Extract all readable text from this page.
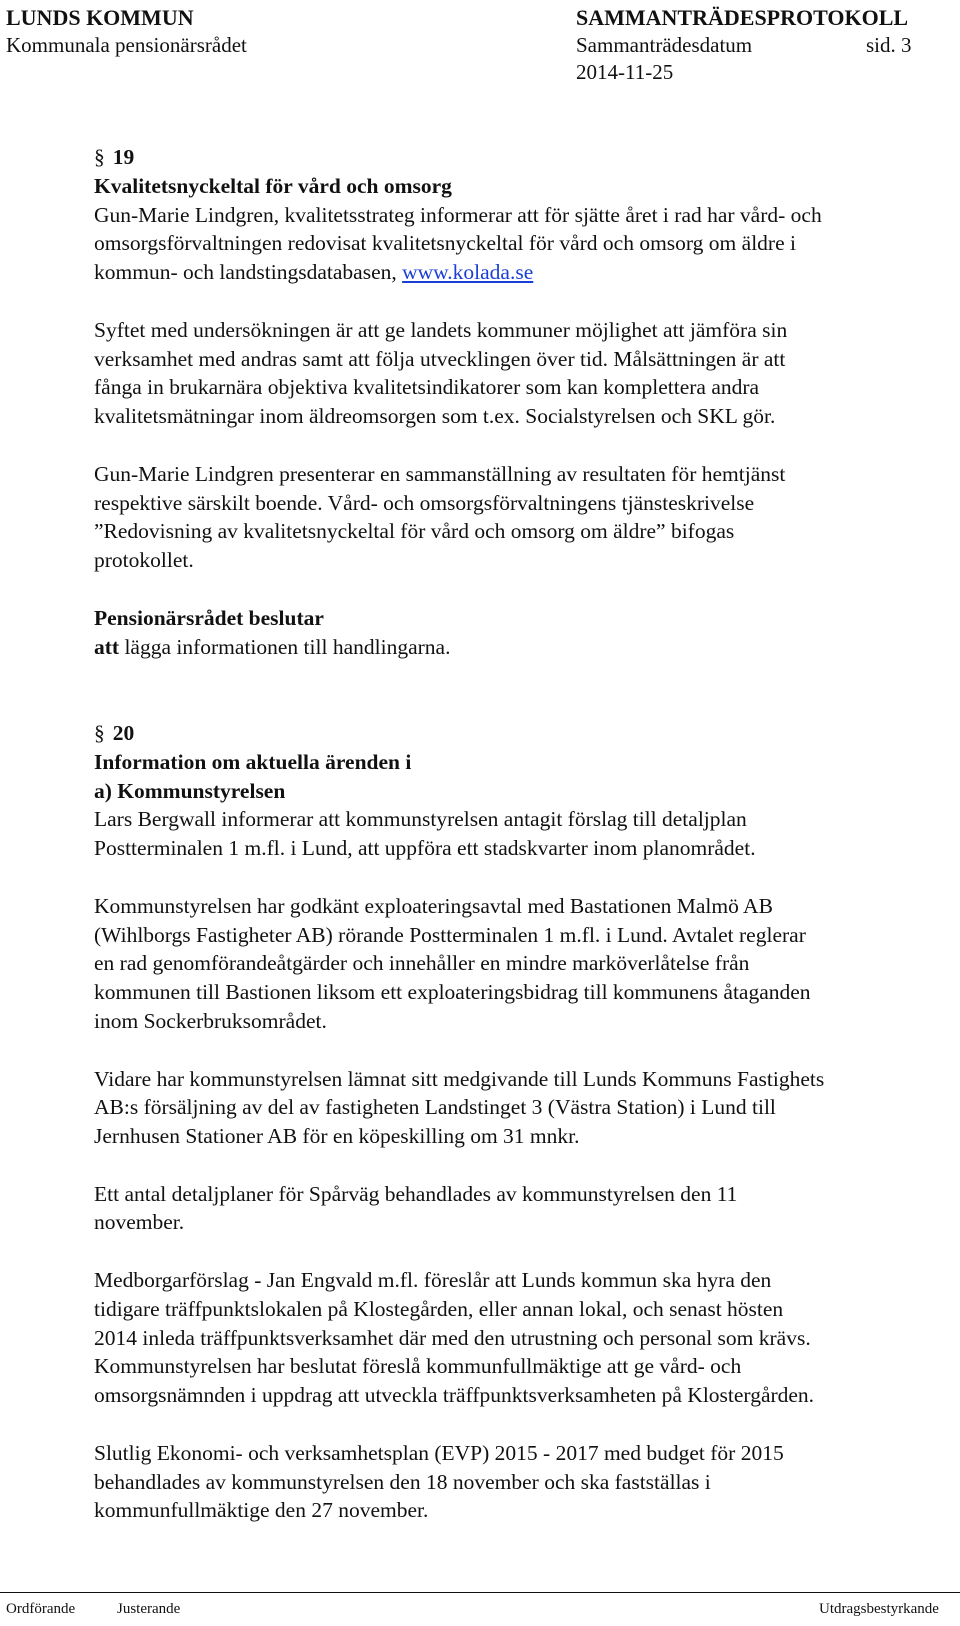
LUNDS KOMMUN	SAMMANTRÄDESPROTOKOLL
Kommunala pensionärsrådet	Sammanträdesdatum	sid. 3
2014-11-25
§ 19
Kvalitetsnyckeltal för vård och omsorg
Gun-Marie Lindgren, kvalitetsstrateg informerar att för sjätte året i rad har vård- och
omsorgsförvaltningen redovisat kvalitetsnyckeltal för vård och omsorg om äldre i
kommun- och landstingsdatabasen, www.kolada.se
Syftet med undersökningen är att ge landets kommuner möjlighet att jämföra sin
verksamhet med andras samt att följa utvecklingen över tid. Målsättningen är att
fånga in brukarnära objektiva kvalitetsindikatorer som kan komplettera andra
kvalitetsmätningar inom äldreomsorgen som t.ex. Socialstyrelsen och SKL gör.
Gun-Marie Lindgren presenterar en sammanställning av resultaten för hemtjänst
respektive särskilt boende. Vård- och omsorgsförvaltningens tjänsteskrivelse
”Redovisning av kvalitetsnyckeltal för vård och omsorg om äldre” bifogas
protokollet.
Pensionärsrådet beslutar
att lägga informationen till handlingarna.
§ 20
Information om aktuella ärenden i
a) Kommunstyrelsen
Lars Bergwall informerar att kommunstyrelsen antagit förslag till detaljplan
Postterminalen 1 m.fl. i Lund, att uppföra ett stadskvarter inom planområdet.
Kommunstyrelsen har godkänt exploateringsavtal med Bastationen Malmö AB
(Wihlborgs Fastigheter AB) rörande Postterminalen 1 m.fl. i Lund. Avtalet reglerar
en rad genomförandeåtgärder och innehåller en mindre marköverlåtelse från
kommunen till Bastionen liksom ett exploateringsbidrag till kommunens åtaganden
inom Sockerbruksområdet.
Vidare har kommunstyrelsen lämnat sitt medgivande till Lunds Kommuns Fastighets
AB:s försäljning av del av fastigheten Landstinget 3 (Västra Station) i Lund till
Jernhusen Stationer AB för en köpeskilling om 31 mnkr.
Ett antal detaljplaner för Spårväg behandlades av kommunstyrelsen den 11
november.
Medborgarförslag - Jan Engvald m.fl. föreslår att Lunds kommun ska hyra den
tidigare träffpunktslokalen på Klostegården, eller annan lokal, och senast hösten
2014 inleda träffpunktsverksamhet där med den utrustning och personal som krävs.
Kommunstyrelsen har beslutat föreslå kommunfullmäktige att ge vård- och
omsorgsnämnden i uppdrag att utveckla träffpunktsverksamheten på Klostergården.
Slutlig Ekonomi- och verksamhetsplan (EVP) 2015 - 2017 med budget för 2015
behandlades av kommunstyrelsen den 18 november och ska fastställas i
kommunfullmäktige den 27 november.
Ordförande	Justerande	Utdragsbestyrkande
